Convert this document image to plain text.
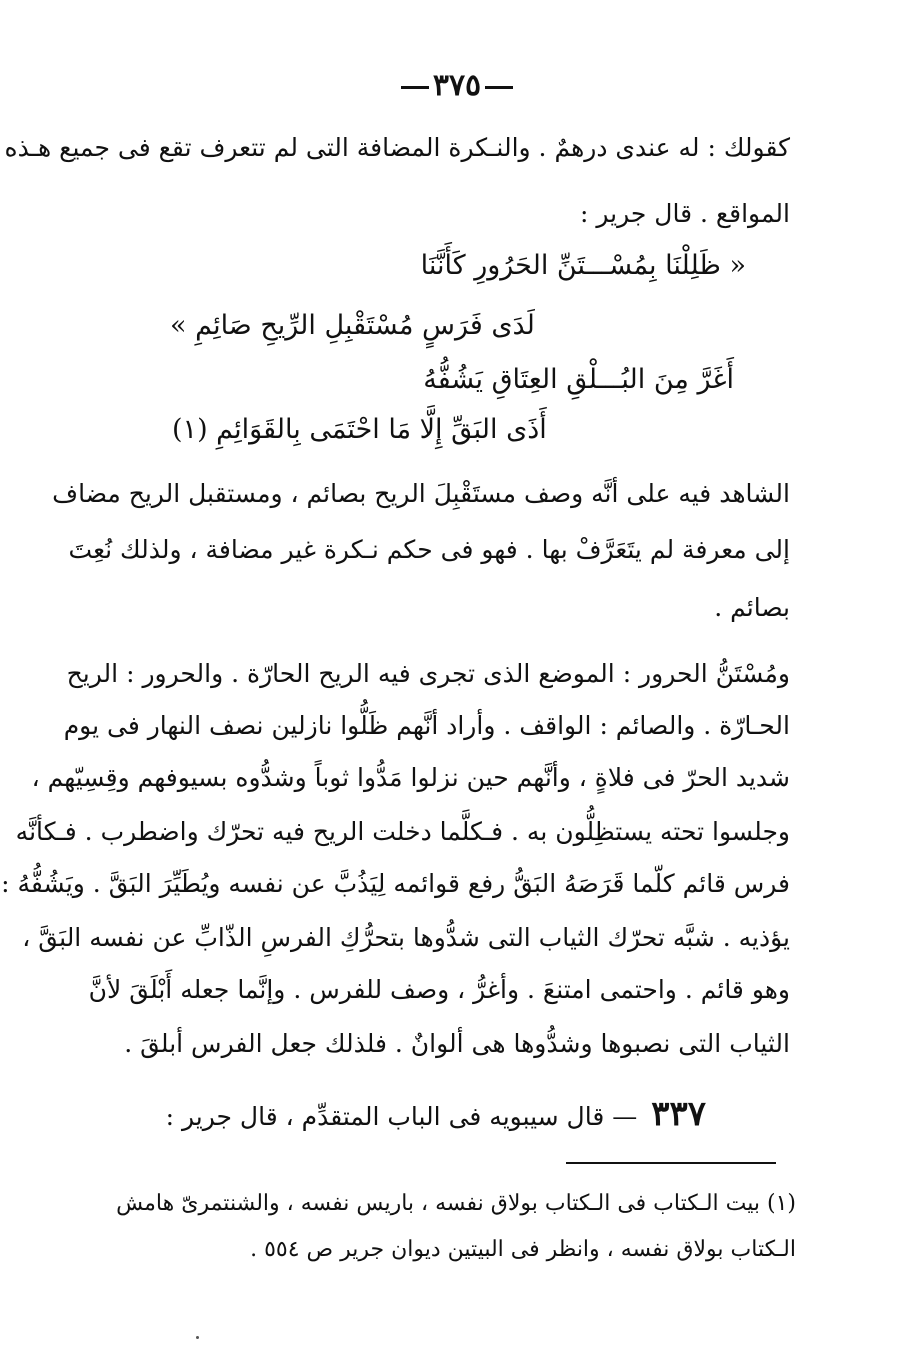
٣٧٥
كقولك : له عندى درهمٌ . والنـكرة المضافة التى لم تتعرف تقع فى جميع هـذه
المواقع . قال جرير :
« ظَلِلْنَا بِمُسْـــتَنِّ الحَرُورِ كَأَنَّنَا
لَدَى فَرَسٍ مُسْتَقْبِلِ الرِّيحِ صَائِمِ »
أَغَرَّ مِنَ البُـــلْقِ العِتَاقِ يَشُفُّهُ
أَذَى البَقِّ إِلَّا مَا احْتَمَى بِالقَوَائِمِ (١)
الشاهد فيه على أنَّه وصف مستَقْبِلَ الريح بصائم ، ومستقبل الريح مضاف
إلى معرفة لم يتَعَرَّفْ بها . فهو فى حكم نـكرة غير مضافة ، ولذلك نُعِتَ
بصائم .
ومُسْتَنُّ الحرور : الموضع الذى تجرى فيه الريح الحارّة . والحرور : الريح
الحـارّة . والصائم : الواقف . وأراد أنَّهم ظَلُّوا نازلين نصف النهار فى يوم
شديد الحرّ فى فلاةٍ ، وأنَّهم حين نزلوا مَدُّوا ثوباً وشدُّوه بسيوفهم وقِسِيّهم ،
وجلسوا تحته يستظِلُّون به . فـكلَّما دخلت الريح فيه تحرّك واضطرب . فـكأنَّه
فرس قائم كلّما قَرَصَهُ البَقُّ رفع قوائمه لِيَذُبَّ عن نفسه ويُطَيِّرَ البَقَّ . ويَشُفُّهُ :
يؤذيه . شبَّه تحرّك الثياب التى شدُّوها بتحرُّكِ الفرسِ الذّابِّ عن نفسه البَقَّ ،
وهو قائم . واحتمى امتنعَ . وأغرُّ ، وصف للفرس . وإنَّما جعله أَبْلَقَ لأنَّ
الثياب التى نصبوها وشدُّوها هى ألوانٌ . فلذلك جعل الفرس أبلقَ .
٣٣٧ — قال سيبويه فى الباب المتقدِّم ، قال جرير :
(١) بيت الـكتاب فى الـكتاب بولاق نفسه ، باريس نفسه ، والشنتمرىّ هامش
الـكتاب بولاق نفسه ، وانظر فى البيتين ديوان جرير ص ٥٥٤ .
